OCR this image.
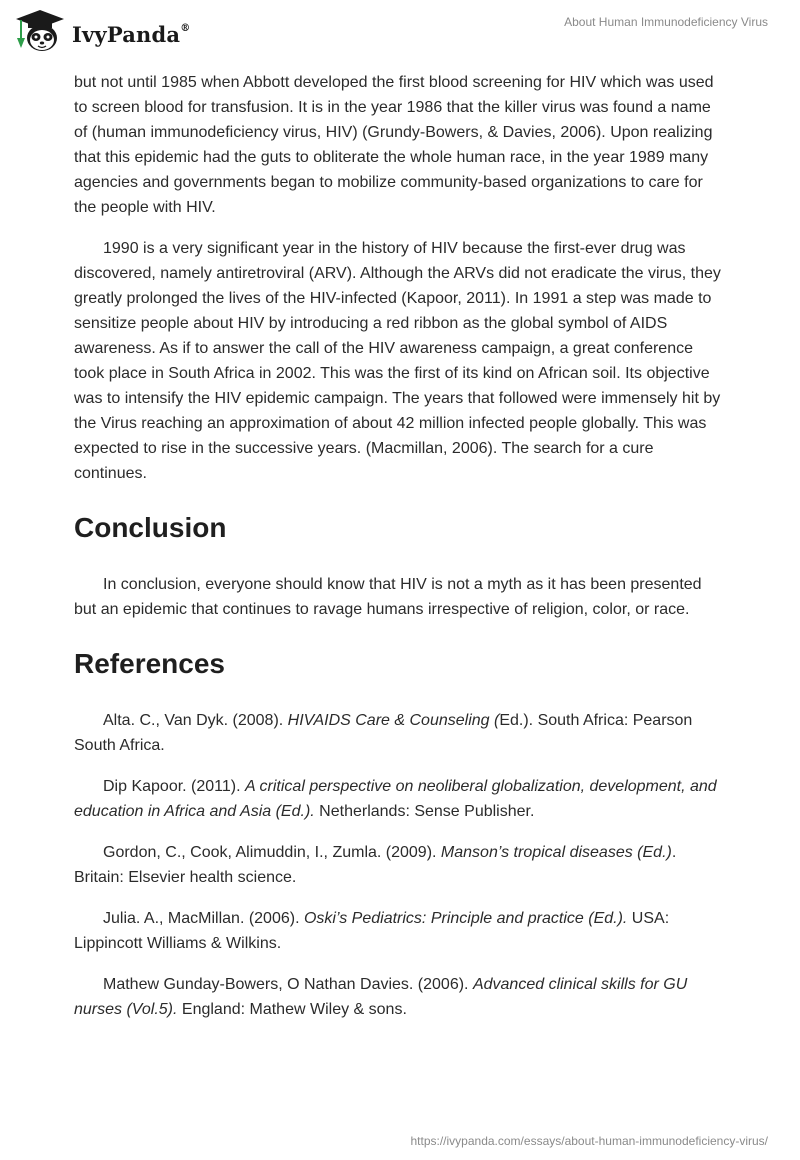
IvyPanda®	About Human Immunodeficiency Virus

but not until 1985 when Abbott developed the first blood screening for HIV which was used to screen blood for transfusion. It is in the year 1986 that the killer virus was found a name of (human immunodeficiency virus, HIV) (Grundy-Bowers, & Davies, 2006). Upon realizing that this epidemic had the guts to obliterate the whole human race, in the year 1989 many agencies and governments began to mobilize community-based organizations to care for the people with HIV.

1990 is a very significant year in the history of HIV because the first-ever drug was discovered, namely antiretroviral (ARV). Although the ARVs did not eradicate the virus, they greatly prolonged the lives of the HIV-infected (Kapoor, 2011). In 1991 a step was made to sensitize people about HIV by introducing a red ribbon as the global symbol of AIDS awareness. As if to answer the call of the HIV awareness campaign, a great conference took place in South Africa in 2002. This was the first of its kind on African soil. Its objective was to intensify the HIV epidemic campaign. The years that followed were immensely hit by the Virus reaching an approximation of about 42 million infected people globally. This was expected to rise in the successive years. (Macmillan, 2006). The search for a cure continues.

Conclusion

In conclusion, everyone should know that HIV is not a myth as it has been presented but an epidemic that continues to ravage humans irrespective of religion, color, or race.

References

Alta. C., Van Dyk. (2008). HIVAIDS Care & Counseling (Ed.). South Africa: Pearson South Africa.

Dip Kapoor. (2011). A critical perspective on neoliberal globalization, development, and education in Africa and Asia (Ed.). Netherlands: Sense Publisher.

Gordon, C., Cook, Alimuddin, I., Zumla. (2009). Manson’s tropical diseases (Ed.). Britain: Elsevier health science.

Julia. A., MacMillan. (2006). Oski’s Pediatrics: Principle and practice (Ed.). USA: Lippincott Williams & Wilkins.

Mathew Gunday-Bowers, O Nathan Davies. (2006). Advanced clinical skills for GU nurses (Vol.5). England: Mathew Wiley & sons.

https://ivypanda.com/essays/about-human-immunodeficiency-virus/
